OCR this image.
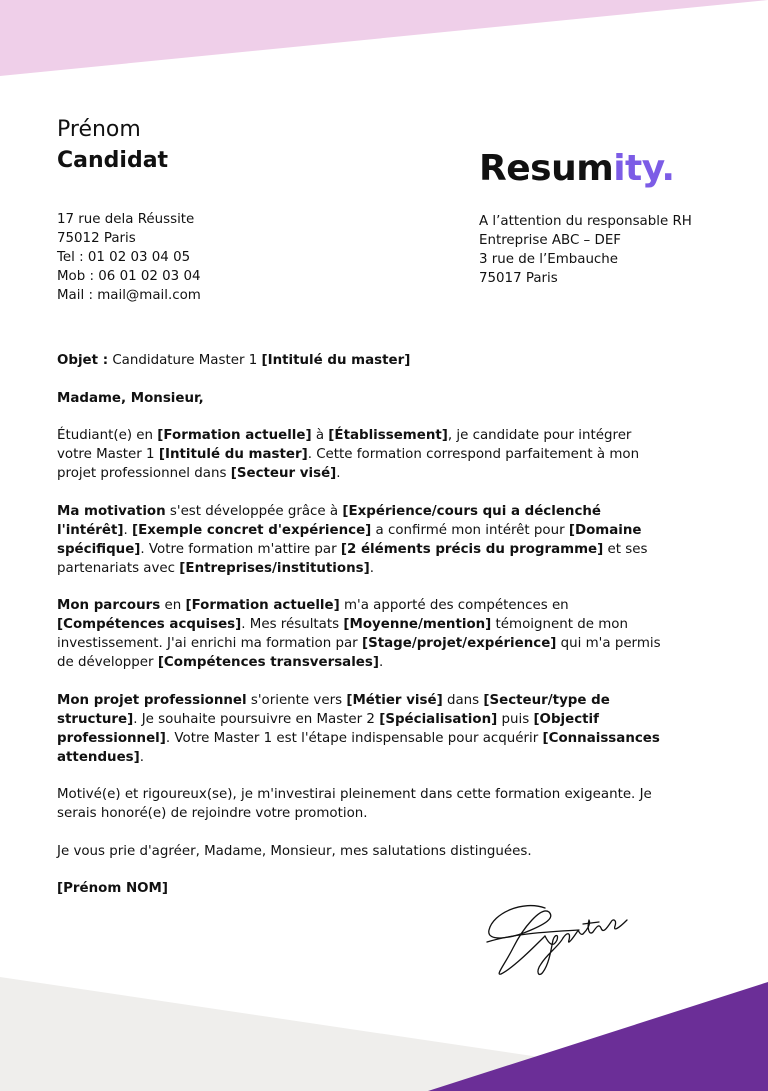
Prénom
Candidat	Resumity.
17 rue dela Réussite
75012 Paris
Tel : 01 02 03 04 05
Mob : 06 01 02 03 04
Mail : mail@mail.com
A l’attention du responsable RH
Entreprise ABC – DEF
3 rue de l’Embauche
75017 Paris

Objet : Candidature Master 1 [Intitulé du master]

Madame, Monsieur,

Étudiant(e) en [Formation actuelle] à [Établissement], je candidate pour intégrer votre Master 1 [Intitulé du master]. Cette formation correspond parfaitement à mon projet professionnel dans [Secteur visé].

Ma motivation s'est développée grâce à [Expérience/cours qui a déclenché l'intérêt]. [Exemple concret d'expérience] a confirmé mon intérêt pour [Domaine spécifique]. Votre formation m'attire par [2 éléments précis du programme] et ses partenariats avec [Entreprises/institutions].

Mon parcours en [Formation actuelle] m'a apporté des compétences en [Compétences acquises]. Mes résultats [Moyenne/mention] témoignent de mon investissement. J'ai enrichi ma formation par [Stage/projet/expérience] qui m'a permis de développer [Compétences transversales].

Mon projet professionnel s'oriente vers [Métier visé] dans [Secteur/type de structure]. Je souhaite poursuivre en Master 2 [Spécialisation] puis [Objectif professionnel]. Votre Master 1 est l'étape indispensable pour acquérir [Connaissances attendues].

Motivé(e) et rigoureux(se), je m'investirai pleinement dans cette formation exigeante. Je serais honoré(e) de rejoindre votre promotion.

Je vous prie d'agréer, Madame, Monsieur, mes salutations distinguées.

[Prénom NOM]
